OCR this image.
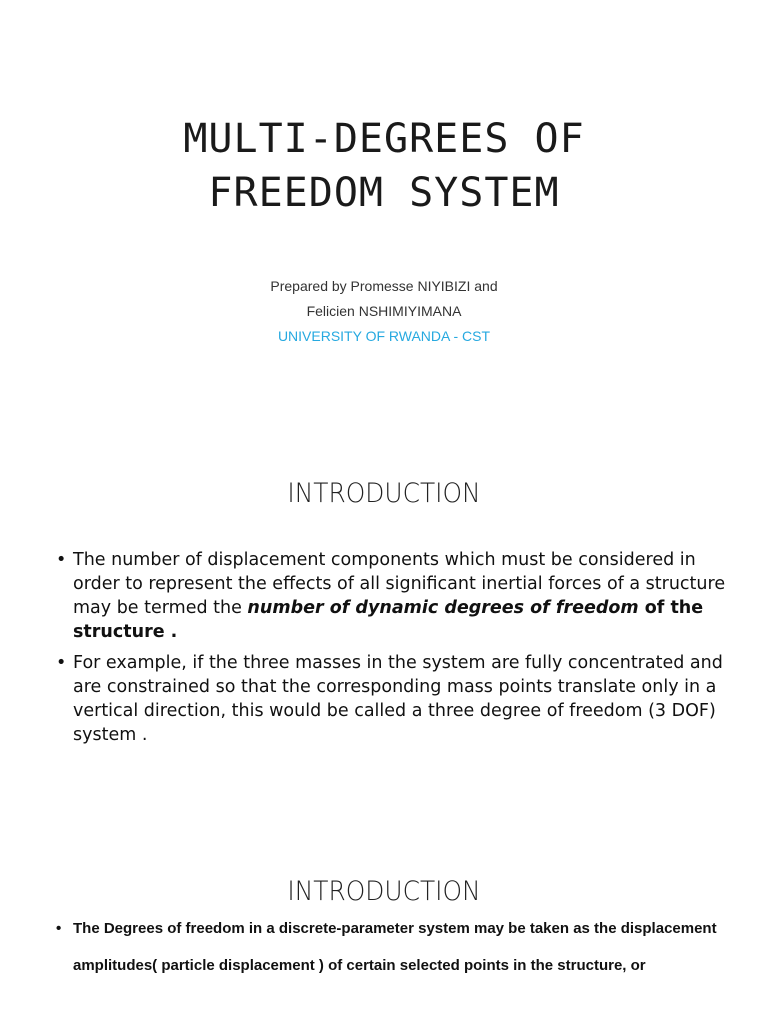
MULTI-DEGREES OF
FREEDOM SYSTEM
Prepared by Promesse NIYIBIZI and
Felicien NSHIMIYIMANA
UNIVERSITY OF RWANDA - CST
INTRODUCTION
• The number of displacement components which must be considered in order to represent the effects of all significant inertial forces of a structure may be termed the number of dynamic degrees of freedom of the structure .
• For example, if the three masses in the system are fully concentrated and are constrained so that the corresponding mass points translate only in a vertical direction, this would be called a three degree of freedom (3 DOF) system .
INTRODUCTION
• The Degrees of freedom in a discrete-parameter system may be taken as the displacement amplitudes( particle displacement ) of certain selected points in the structure, or
